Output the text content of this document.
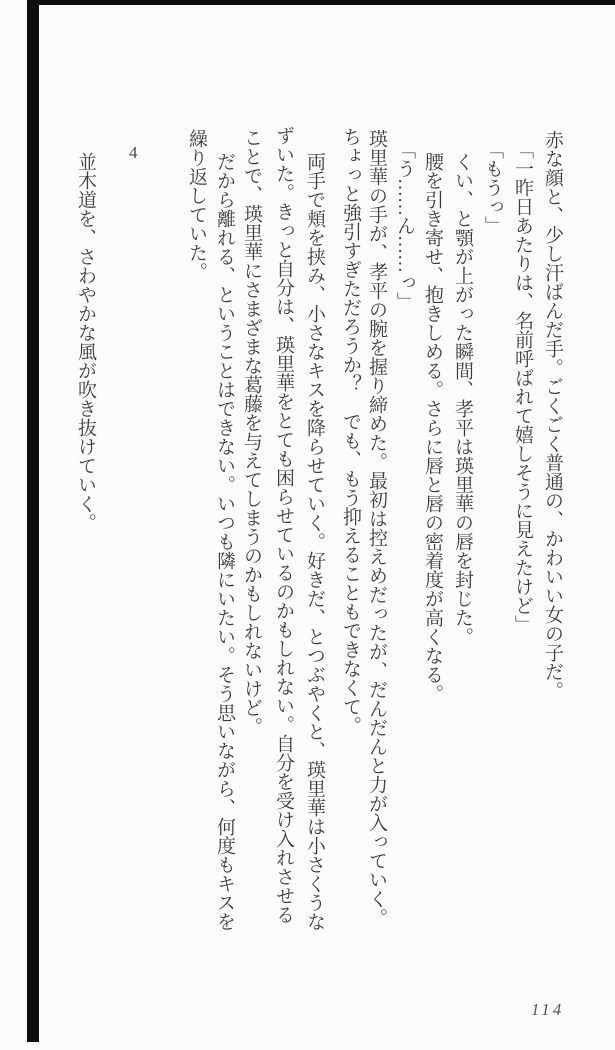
赤な顔と、少し汗ばんだ手。ごくごく普通の、かわいい女の子だ。
「一昨日あたりは、名前呼ばれて嬉しそうに見えたけど」
「もうっ」
くい、と顎が上がった瞬間、孝平は瑛里華の唇を封じた。
腰を引き寄せ、抱きしめる。さらに唇と唇の密着度が高くなる。
「う……ん……っ」
瑛里華の手が、孝平の腕を握り締めた。最初は控えめだったが、だんだんと力が入っていく。
ちょっと強引すぎただろうか？　でも、もう抑えることもできなくて。
両手で頬を挟み、小さなキスを降らせていく。好きだ、とつぶやくと、瑛里華は小さくうな
ずいた。きっと自分は、瑛里華をとても困らせているのかもしれない。自分を受け入れさせる
ことで、瑛里華にさまざまな葛藤を与えてしまうのかもしれないけど。
だから離れる、ということはできない。いつも隣にいたい。そう思いながら、何度もキスを
繰り返していた。
4
並木道を、さわやかな風が吹き抜けていく。
114
